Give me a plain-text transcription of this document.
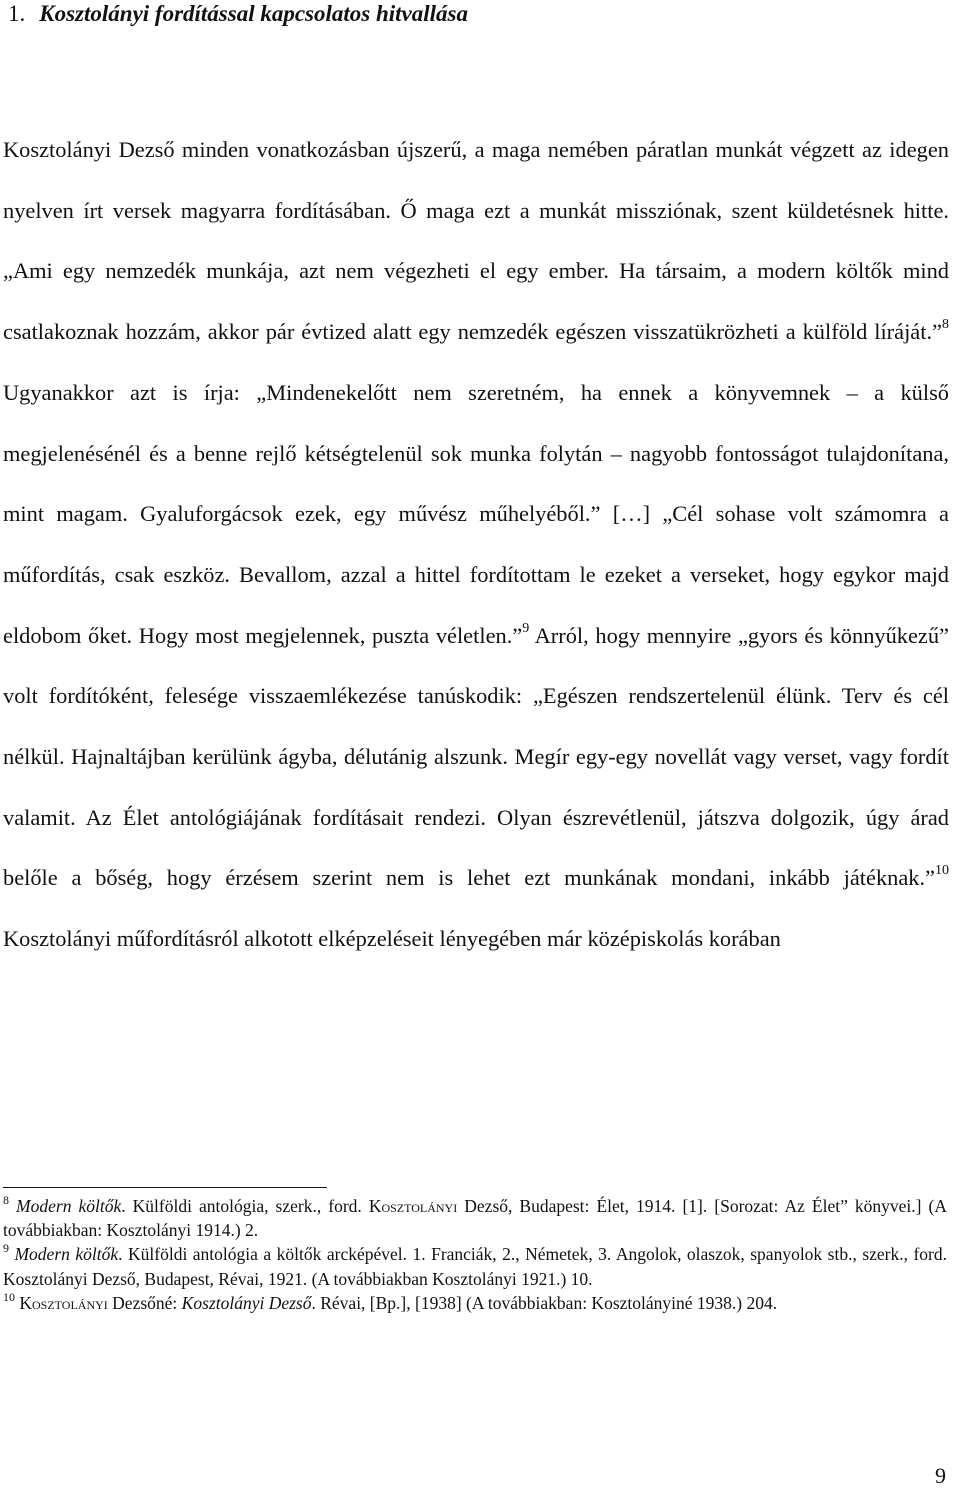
1. Kosztolányi fordítással kapcsolatos hitvallása

Kosztolányi Dezső minden vonatkozásban újszerű, a maga nemében páratlan munkát végzett az idegen nyelven írt versek magyarra fordításában. Ő maga ezt a munkát missziónak, szent küldetésnek hitte. „Ami egy nemzedék munkája, azt nem végezheti el egy ember. Ha társaim, a modern költők mind csatlakoznak hozzám, akkor pár évtized alatt egy nemzedék egészen visszatükrözheti a külföld líráját.”$^8$ Ugyanakkor azt is írja: „Mindenekelőtt nem szeretném, ha ennek a könyvemnek – a külső megjelenésénél és a benne rejlő kétségtelenül sok munka folytán – nagyobb fontosságot tulajdonítana, mint magam. Gyaluforgácsok ezek, egy művész műhelyéből.” […] „Cél sohase volt számomra a műfordítás, csak eszköz. Bevallom, azzal a hittel fordítottam le ezeket a verseket, hogy egykor majd eldobom őket. Hogy most megjelennek, puszta véletlen.”$^9$ Arról, hogy mennyire „gyors és könnyűkezű” volt fordítóként, felesége visszaemlékezése tanúskodik: „Egészen rendszertelenül élünk. Terv és cél nélkül. Hajnaltájban kerülünk ágyba, délutánig alszunk. Megír egy-egy novellát vagy verset, vagy fordít valamit. Az Élet antológiájának fordításait rendezi. Olyan észrevétlenül, játszva dolgozik, úgy árad belőle a bőség, hogy érzésem szerint nem is lehet ezt munkának mondani, inkább játéknak.”$^{10}$ Kosztolányi műfordításról alkotott elképzeléseit lényegében már középiskolás korában

$^8$ Modern költők. Külföldi antológia, szerk., ford. Kosztolányi Dezső, Budapest: Élet, 1914. [1]. [Sorozat: Az Élet” könyvei.] (A továbbiakban: Kosztolányi 1914.) 2.

$^9$ Modern költők. Külföldi antológia a költők arcképével. 1. Franciák, 2., Németek, 3. Angolok, olaszok, spanyolok stb., szerk., ford. Kosztolányi Dezső, Budapest, Révai, 1921. (A továbbiakban Kosztolányi 1921.) 10.

$^{10}$ Kosztolányi Dezsőné: Kosztolányi Dezső. Révai, [Bp.], [1938] (A továbbiakban: Kosztolányiné 1938.) 204.

9
